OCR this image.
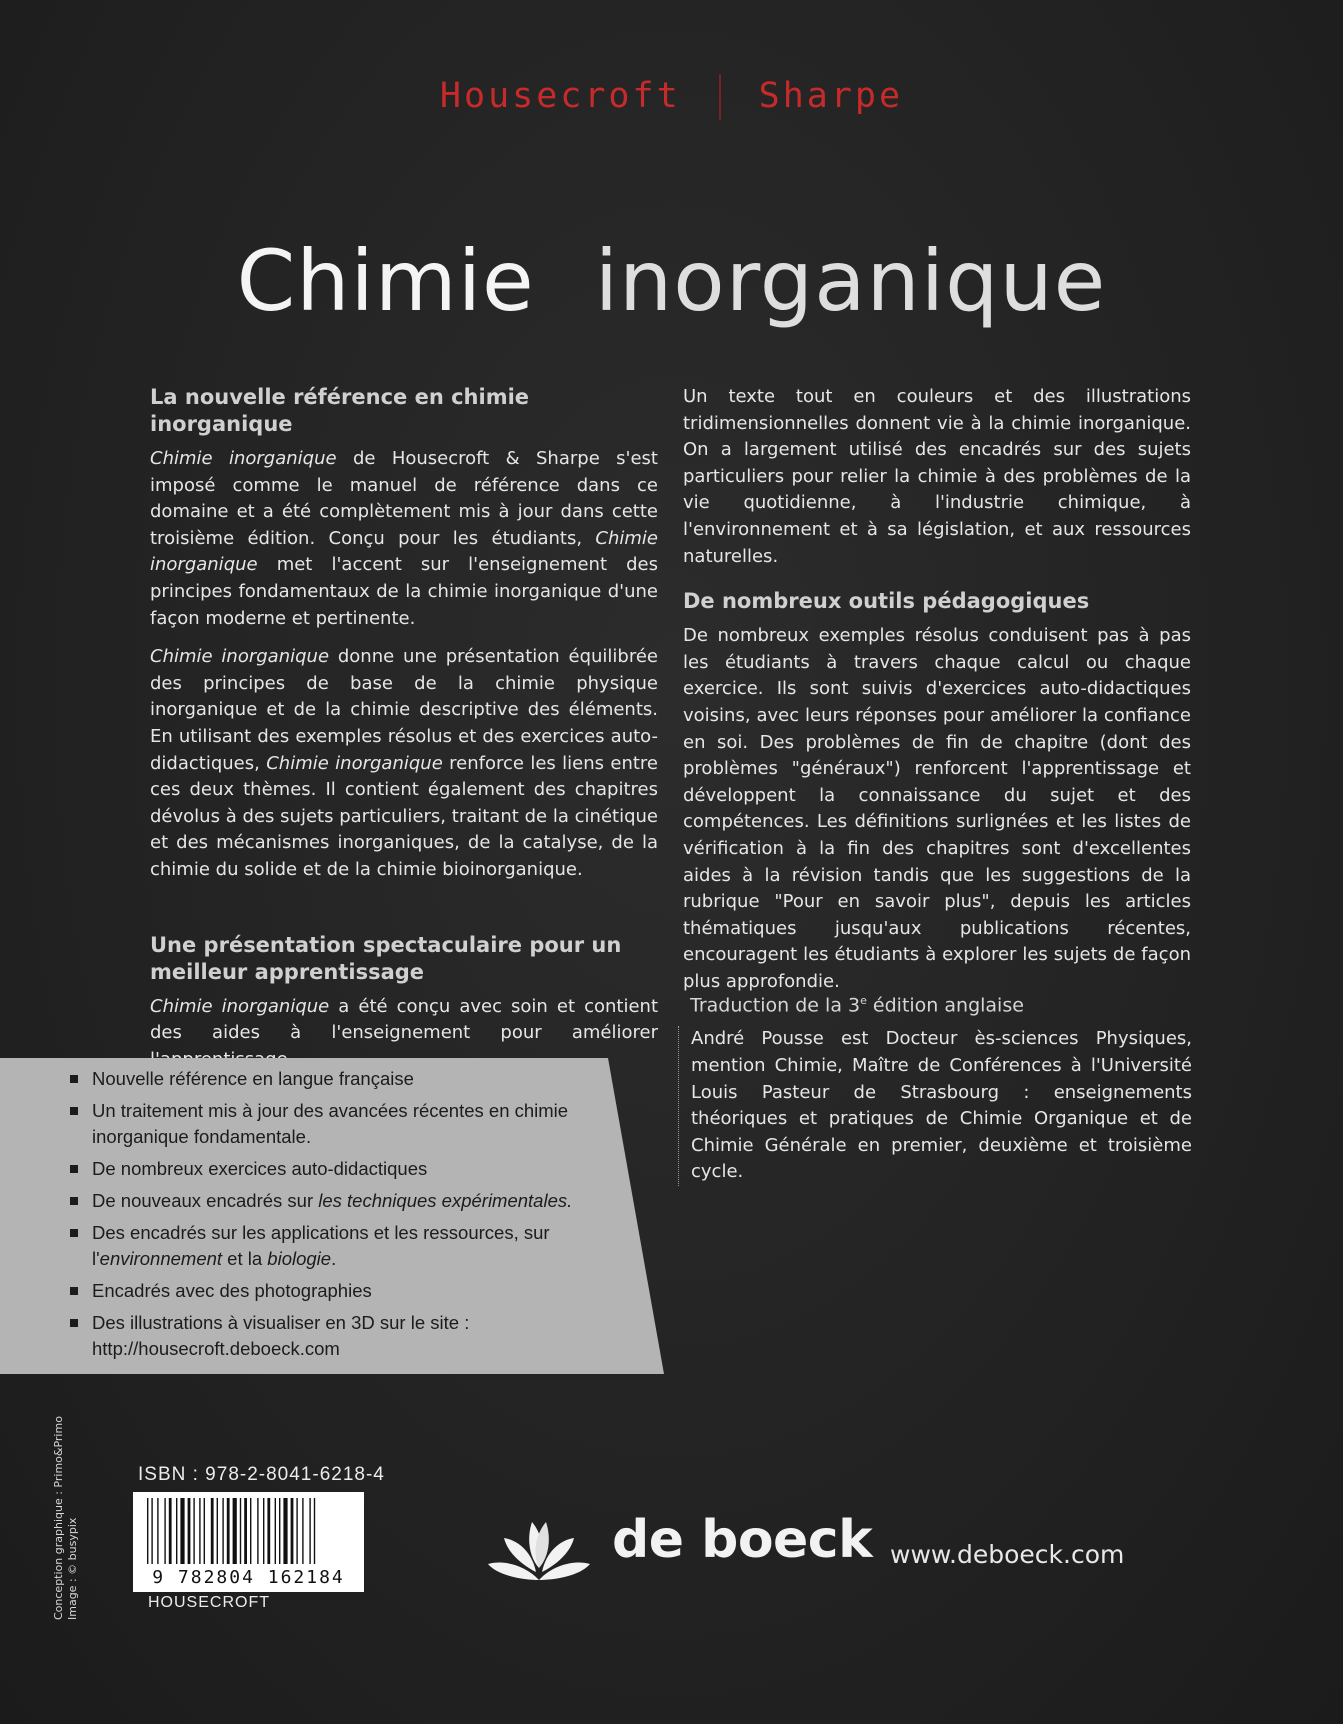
Housecroft Sharpe
Chimie inorganique
La nouvelle référence en chimie inorganique

Chimie inorganique de Housecroft & Sharpe s'est imposé comme le manuel de référence dans ce domaine et a été complètement mis à jour dans cette troisième édition. Conçu pour les étudiants, Chimie inorganique met l'accent sur l'enseignement des principes fondamentaux de la chimie inorganique d'une façon moderne et pertinente.

Chimie inorganique donne une présentation équilibrée des principes de base de la chimie physique inorganique et de la chimie descriptive des éléments. En utilisant des exemples résolus et des exercices auto-didactiques, Chimie inorganique renforce les liens entre ces deux thèmes. Il contient également des chapitres dévolus à des sujets particuliers, traitant de la cinétique et des mécanismes inorganiques, de la catalyse, de la chimie du solide et de la chimie bioinorganique.

Une présentation spectaculaire pour un meilleur apprentissage

Chimie inorganique a été conçu avec soin et contient des aides à l'enseignement pour améliorer

Un texte tout en couleurs et des illustrations tridimensionnelles donnent vie à la chimie inorganique. On a largement utilisé des encadrés sur des sujets particuliers pour relier la chimie à des problèmes de la vie quotidienne, à l'industrie chimique, à l'environnement et à sa législation, et aux ressources naturelles.

De nombreux outils pédagogiques

De nombreux exemples résolus conduisent pas à pas les étudiants à travers chaque calcul ou chaque exercice. Ils sont suivis d'exercices auto-didactiques voisins, avec leurs réponses pour améliorer la confiance en soi. Des problèmes de fin de chapitre (dont des problèmes "généraux") renforcent l'apprentissage et développent la connaissance du sujet et des compétences. Les définitions surlignées et les listes de vérification à la fin des chapitres sont d'excellentes aides à la révision tandis que les suggestions de la rubrique "Pour en savoir plus", depuis les articles thématiques jusqu'aux publications récentes, encouragent les étudiants à explorer les sujets de façon plus approfondie.

Traduction de la 3e édition anglaise
André Pousse est Docteur ès-sciences Physiques, mention Chimie, Maître de Conférences à l'Université Louis Pasteur de Strasbourg : enseignements théoriques et pratiques de Chimie Organique et de Chimie Générale en premier, deuxième et troisième cycle.
Nouvelle référence en langue française
Un traitement mis à jour des avancées récentes en chimie inorganique fondamentale.
De nombreux exercices auto-didactiques
De nouveaux encadrés sur les techniques expérimentales.
Des encadrés sur les applications et les ressources, sur l'environnement et la biologie.
Encadrés avec des photographies
Des illustrations à visualiser en 3D sur le site : http://housecroft.deboeck.com
Conception graphique : Primo&Primo Image : © busypix
ISBN : 978-2-8041-6218-4
9 782804 162184
HOUSECROFT
de boeck www.deboeck.com
